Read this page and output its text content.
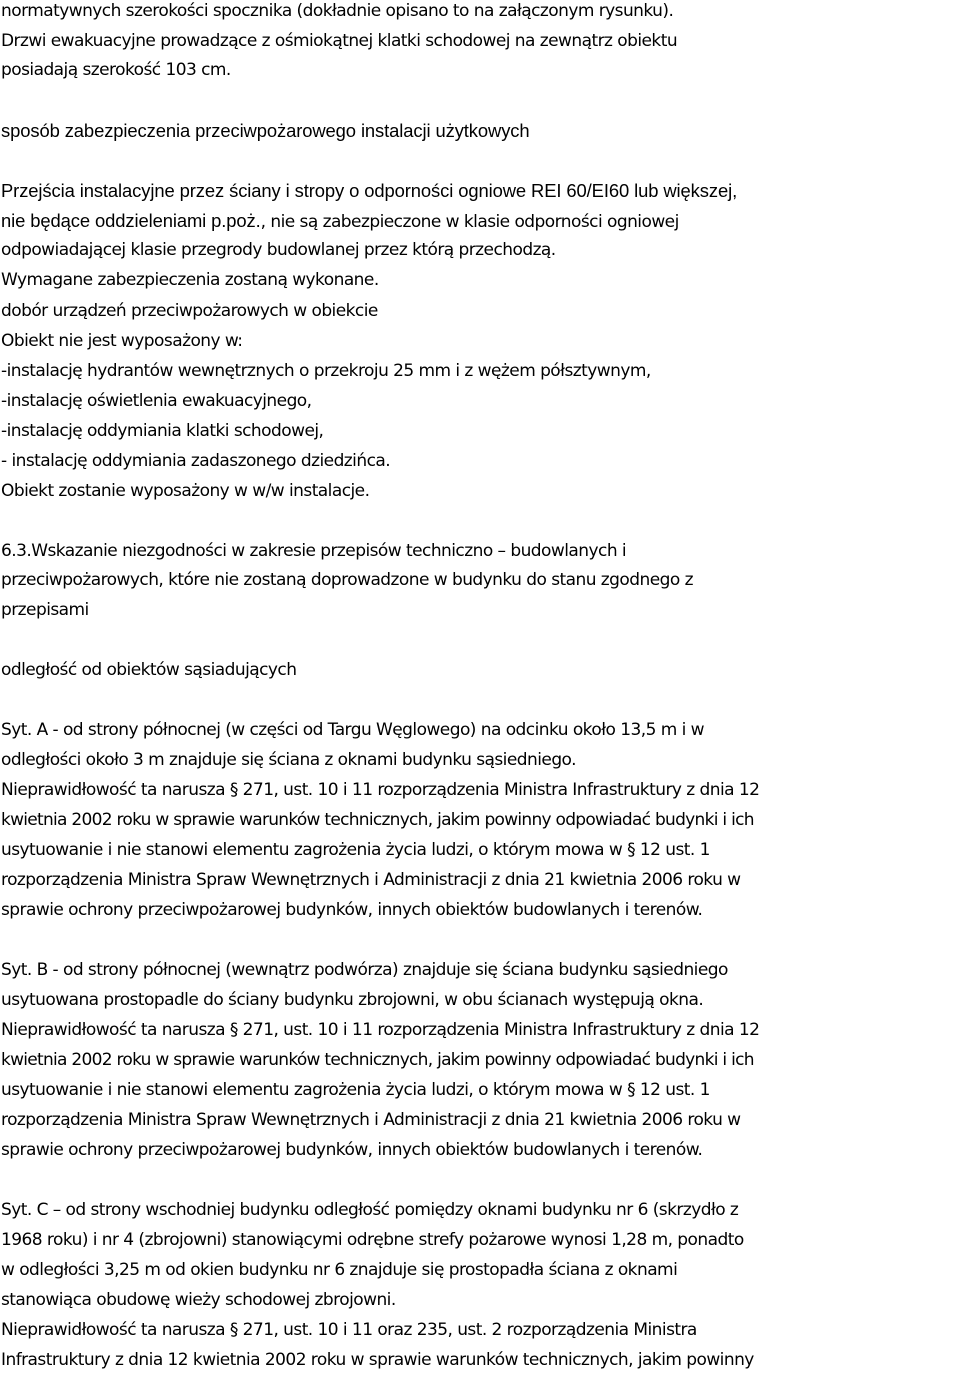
normatywnych szerokości spocznika (dokładnie opisano to na załączonym rysunku).
Drzwi ewakuacyjne prowadzące z ośmiokątnej klatki schodowej na zewnątrz obiektu
posiadają szerokość 103 cm.
sposób zabezpieczenia przeciwpożarowego instalacji użytkowych
Przejścia instalacyjne przez ściany i stropy o odporności ogniowe REI 60/EI60 lub większej,
nie będące oddzieleniami p.poż., nie są zabezpieczone w klasie odporności ogniowej
odpowiadającej klasie przegrody budowlanej przez którą przechodzą.
Wymagane zabezpieczenia zostaną wykonane.
dobór urządzeń przeciwpożarowych w obiekcie
Obiekt nie jest wyposażony w:
-instalację hydrantów wewnętrznych o przekroju 25 mm i z wężem półsztywnym,
-instalację oświetlenia ewakuacyjnego,
-instalację oddymiania klatki schodowej,
- instalację oddymiania zadaszonego dziedzińca.
Obiekt zostanie wyposażony w w/w instalacje.
6.3.Wskazanie niezgodności w zakresie przepisów techniczno – budowlanych i
przeciwpożarowych, które nie zostaną doprowadzone w budynku do stanu zgodnego z
przepisami
odległość od obiektów sąsiadujących
Syt. A - od strony północnej (w części od Targu Węglowego) na odcinku około 13,5 m i w
odległości około 3 m znajduje się ściana z oknami budynku sąsiedniego.
Nieprawidłowość ta narusza § 271, ust. 10 i 11 rozporządzenia Ministra Infrastruktury z dnia 12
kwietnia 2002 roku w sprawie warunków technicznych, jakim powinny odpowiadać budynki i ich
usytuowanie i nie stanowi elementu zagrożenia życia ludzi, o którym mowa w § 12 ust. 1
rozporządzenia Ministra Spraw Wewnętrznych i Administracji z dnia 21 kwietnia 2006 roku w
sprawie ochrony przeciwpożarowej budynków, innych obiektów budowlanych i terenów.
Syt. B - od strony północnej (wewnątrz podwórza) znajduje się ściana budynku sąsiedniego
usytuowana prostopadle do ściany budynku zbrojowni, w obu ścianach występują okna.
Nieprawidłowość ta narusza § 271, ust. 10 i 11 rozporządzenia Ministra Infrastruktury z dnia 12
kwietnia 2002 roku w sprawie warunków technicznych, jakim powinny odpowiadać budynki i ich
usytuowanie i nie stanowi elementu zagrożenia życia ludzi, o którym mowa w § 12 ust. 1
rozporządzenia Ministra Spraw Wewnętrznych i Administracji z dnia 21 kwietnia 2006 roku w
sprawie ochrony przeciwpożarowej budynków, innych obiektów budowlanych i terenów.
Syt. C – od strony wschodniej budynku odległość pomiędzy oknami budynku nr 6 (skrzydło z
1968 roku) i nr 4 (zbrojowni) stanowiącymi odrębne strefy pożarowe wynosi 1,28 m, ponadto
w odległości 3,25 m od okien budynku nr 6 znajduje się prostopadła ściana z oknami
stanowiąca obudowę wieży schodowej zbrojowni.
Nieprawidłowość ta narusza § 271, ust. 10 i 11 oraz 235, ust. 2 rozporządzenia Ministra
Infrastruktury z dnia 12 kwietnia 2002 roku w sprawie warunków technicznych, jakim powinny
